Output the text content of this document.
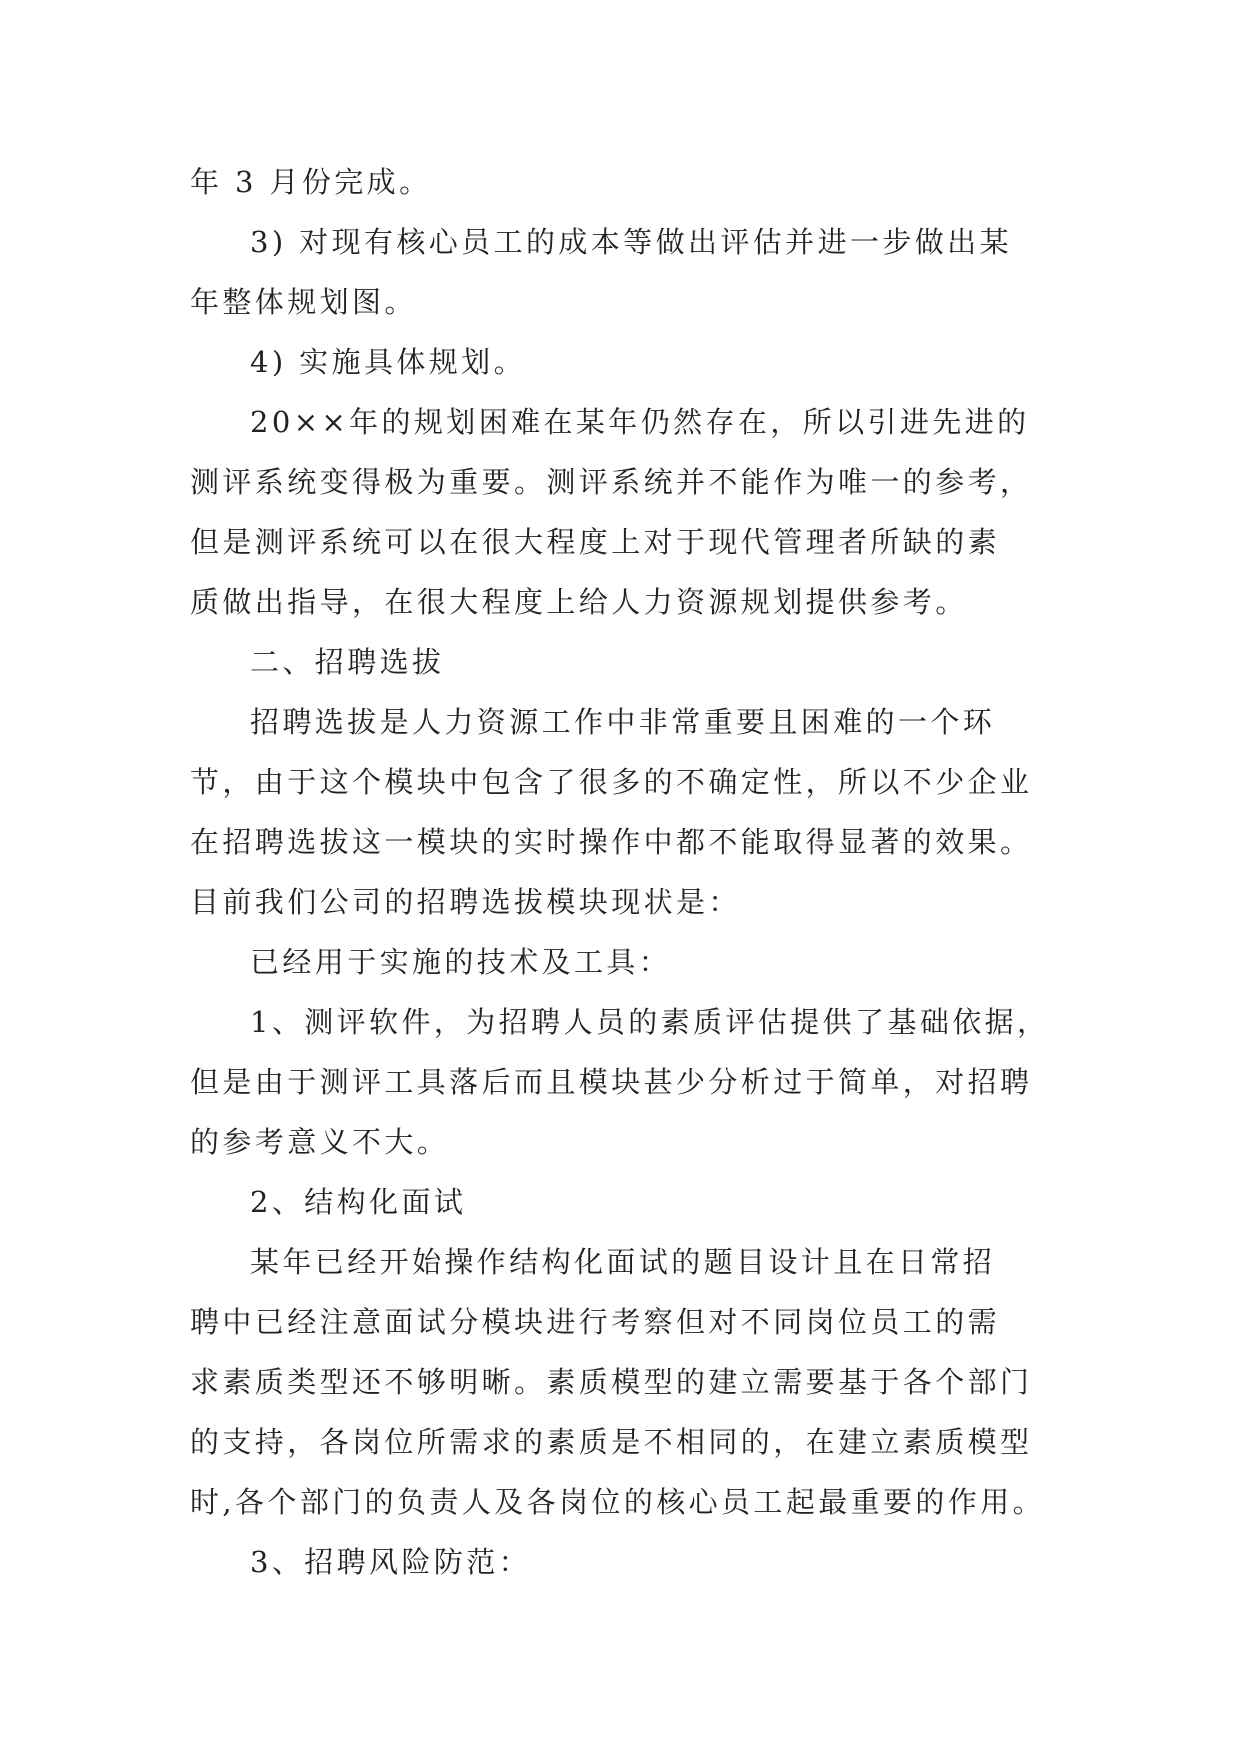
年 3 月份完成。
3) 对现有核心员工的成本等做出评估并进一步做出某
年整体规划图。
4) 实施具体规划。
20××年的规划困难在某年仍然存在，所以引进先进的
测评系统变得极为重要。测评系统并不能作为唯一的参考，
但是测评系统可以在很大程度上对于现代管理者所缺的素
质做出指导，在很大程度上给人力资源规划提供参考。
二、招聘选拔
招聘选拔是人力资源工作中非常重要且困难的一个环
节，由于这个模块中包含了很多的不确定性，所以不少企业
在招聘选拔这一模块的实时操作中都不能取得显著的效果。
目前我们公司的招聘选拔模块现状是：
已经用于实施的技术及工具：
1、测评软件，为招聘人员的素质评估提供了基础依据，
但是由于测评工具落后而且模块甚少分析过于简单，对招聘
的参考意义不大。
2、结构化面试
某年已经开始操作结构化面试的题目设计且在日常招
聘中已经注意面试分模块进行考察但对不同岗位员工的需
求素质类型还不够明晰。素质模型的建立需要基于各个部门
的支持，各岗位所需求的素质是不相同的，在建立素质模型
时,各个部门的负责人及各岗位的核心员工起最重要的作用。
3、招聘风险防范：
